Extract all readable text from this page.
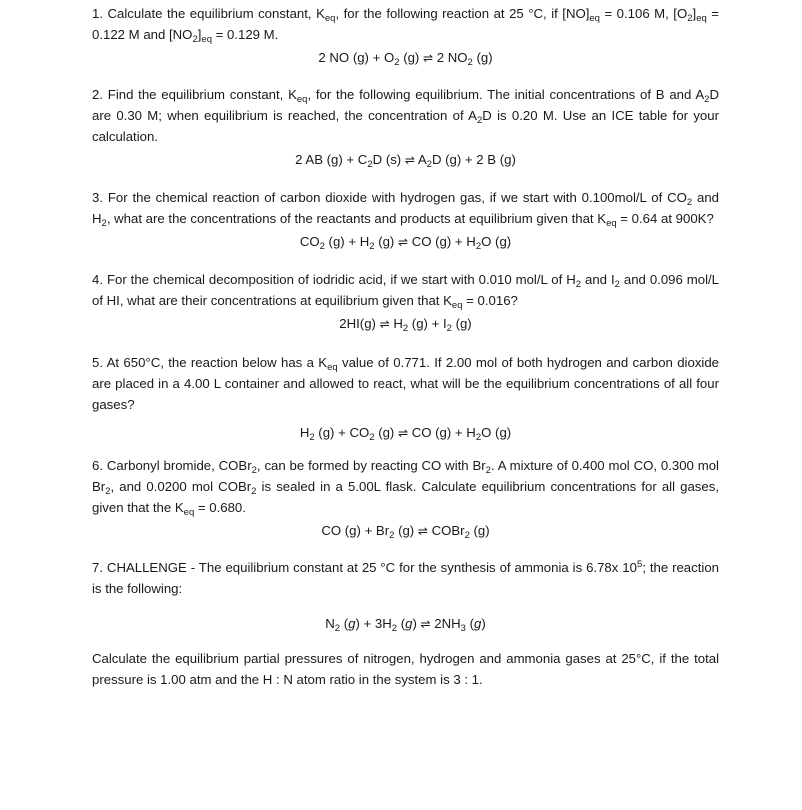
1. Calculate the equilibrium constant, $K_{eq}$, for the following reaction at 25 °C, if $[NO]_{eq} = 0.106$ M, $[O_2]_{eq} = 0.122$ M and $[NO_2]_{eq} = 0.129$ M.

2 NO $(g) + O_2$ (g) ⇌ 2 $NO_2$ (g)

2. Find the equilibrium constant, $K_{eq}$, for the following equilibrium. The initial concentrations of B and $A_2D$ are 0.30 M; when equilibrium is reached, the concentration of $A_2D$ is 0.20 M. Use an ICE table for your calculation.

2 AB $(g) + C_2D$ (s) ⇌ $A_2D$ (g) + 2 B (g)

3. For the chemical reaction of carbon dioxide with hydrogen gas, if we start with 0.100mol/L of $CO_2$ and $H_2$, what are the concentrations of the reactants and products at equilibrium given that $K_{eq} = 0.64$ at 900K?

$CO_2$ $(g) + H_2$ (g) ⇌ CO $(g) + H_2O$ (g)

4. For the chemical decomposition of iodridic acid, if we start with 0.010 mol/L of $H_2$ and $I_2$ and 0.096 mol/L of HI, what are their concentrations at equilibrium given that $K_{eq} = 0.016$?

2HI(g) ⇌ $H_2$ $(g) + I_2$ (g)

5. At 650°C, the reaction below has a $K_{eq}$ value of 0.771. If 2.00 mol of both hydrogen and carbon dioxide are placed in a 4.00 L container and allowed to react, what will be the equilibrium concentrations of all four gases?

$H_2$ $(g) + CO_2$ (g) ⇌ CO $(g) + H_2O$ (g)

6. Carbonyl bromide, COBr$_2$, can be formed by reacting CO with $Br_2$. A mixture of 0.400 mol CO, 0.300 mol $Br_2$, and 0.0200 mol COBr$_2$ is sealed in a 5.00L flask. Calculate equilibrium concentrations for all gases, given that the $K_{eq} = 0.680$.

CO $(g) + Br_2$ (g) ⇌ COBr$_2$ (g)

7. CHALLENGE - The equilibrium constant at 25 °C for the synthesis of ammonia is 6.78x $10^5$; the reaction is the following:

$N_2$ $(g) + 3H_2$ (g) ⇌ $2NH_3$ (g)

Calculate the equilibrium partial pressures of nitrogen, hydrogen and ammonia gases at 25°C, if the total pressure is 1.00 atm and the H : N atom ratio in the system is 3 : 1.
